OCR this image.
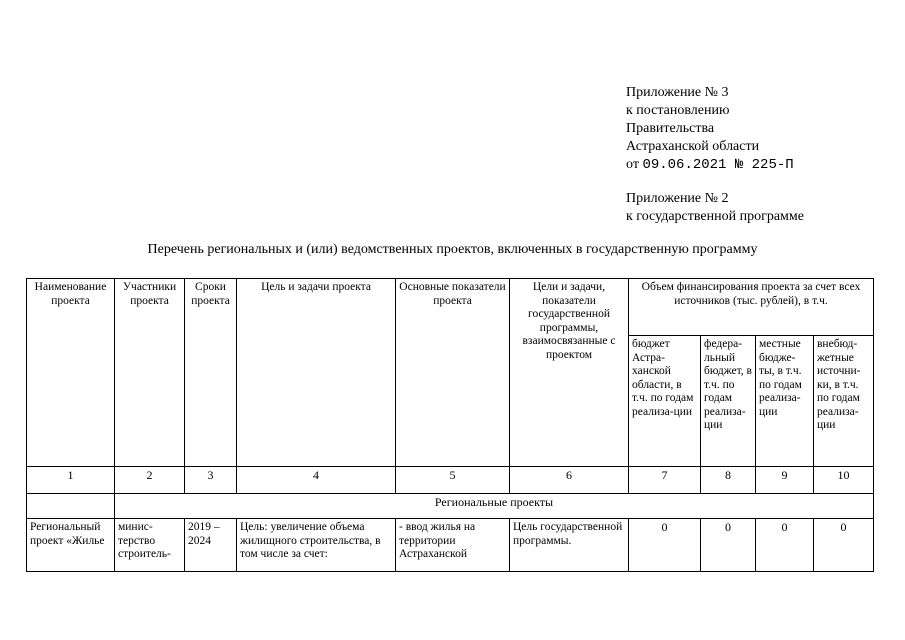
Приложение № 3
к постановлению
Правительства
Астраханской области
от 09.06.2021 № 225-П
Приложение № 2
к государственной программе
Перечень региональных и (или) ведомственных проектов, включенных в государственную программу
Наименование проекта	Участники проекта	Сроки проекта	Цель и задачи проекта	Основные показатели проекта	Цели и задачи, показатели государственной программы, взаимосвязанные с проектом	Объем финансирования проекта за счет всех источников (тыс. рублей), в т.ч.			
						бюджет Астра-ханской области, в т.ч. по годам реализа-ции	федера-льный бюджет, в т.ч. по годам реализа-ции	местные бюдже-ты, в т.ч. по годам реализа-ции	внебюд-жетные источни-ки, в т.ч. по годам реализа-ции
1	2	3	4	5	6	7	8	9	10
	Региональные проекты								
Региональный проект «Жилье	минис-терство строитель-	2019 – 2024	Цель: увеличение объема жилищного строительства, в том числе за счет:	- ввод жилья на территории Астраханской	Цель государственной программы.	0	0	0	0
